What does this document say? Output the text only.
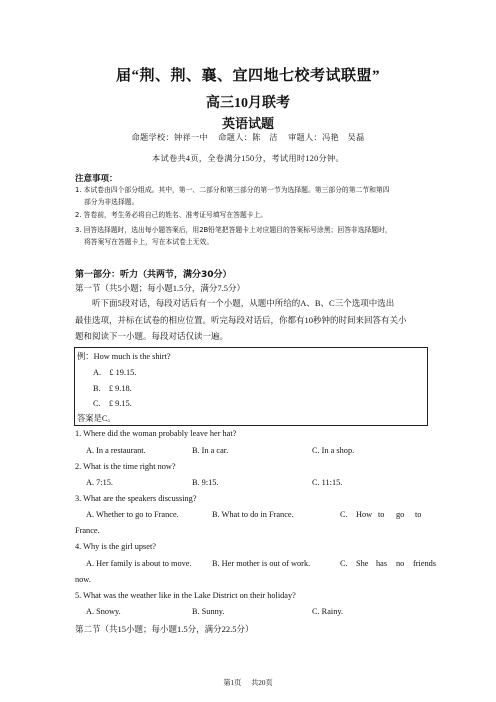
届“荆、荆、襄、宜四地七校考试联盟”
高三10月联考
英语试题
命题学校：钟祥一中 命题人：陈　洁 审题人：冯艳　吴磊
本试卷共4页，全卷满分150分，考试用时120分钟。
注意事项：
1. 本试卷由四个部分组成。其中，第一、二部分和第三部分的第一节为选择题。第三部分的第二节和第四
部分为非选择题。
2. 答卷前，考生务必将自己的姓名、准考证号填写在答题卡上。
3. 回答选择题时，选出每小题答案后，用2B铅笔把答题卡上对应题目的答案标号涂黑；回答非选择题时，
将答案写在答题卡上，写在本试卷上无效。
第一部分：听力（共两节，满分30分）
第一节（共5小题；每小题1.5分，满分7.5分）
听下面5段对话，每段对话后有一个小题，从题中所给的A、B、C三个选项中选出
最佳选项，并标在试卷的相应位置。听完每段对话后，你都有10秒钟的时间来回答有关小
题和阅读下一小题。每段对话仅读一遍。
例：How much is the shirt?
A.　£ 19.15.
B.　£ 9.18.
C.　£ 9.15.
答案是C。
1. Where did the woman probably leave her hat?
A. In a restaurant.	B. In a car.	C. In a shop.
2. What is the time right now?
A. 7:15.	B. 9:15.	C. 11:15.
3. What are the speakers discussing?
A. Whether to go to France.	B. What to do in France.	C. How to go to
France.
4. Why is the girl upset?
A. Her family is about to move. B. Her mother is out of work.	C. She has no friends
now.
5. What was the weather like in the Lake District on their holiday?
A. Snowy.	B. Sunny.	C. Rainy.
第二节（共15小题；每小题1.5分，满分22.5分）
第1页 共20页
